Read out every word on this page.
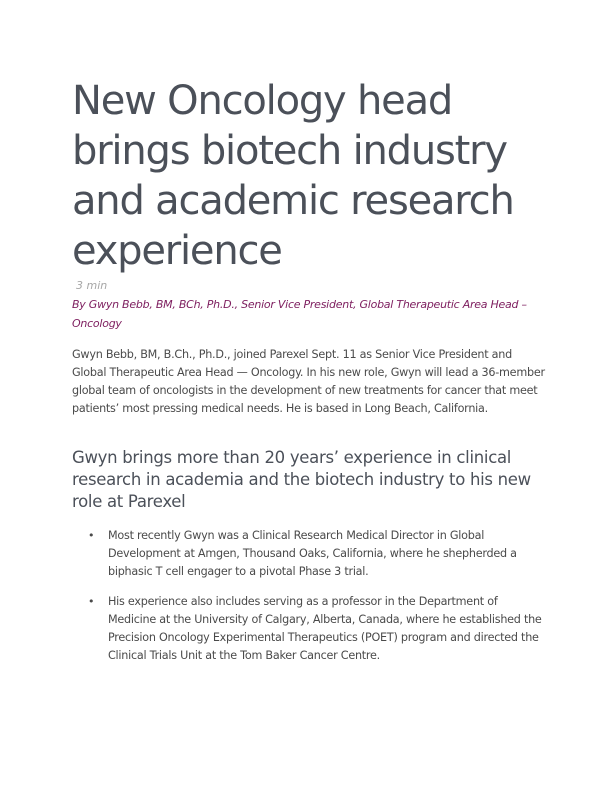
New Oncology head brings biotech industry and academic research experience
3 min

By Gwyn Bebb, BM, BCh, Ph.D., Senior Vice President, Global Therapeutic Area Head – Oncology

Gwyn Bebb, BM, B.Ch., Ph.D., joined Parexel Sept. 11 as Senior Vice President and Global Therapeutic Area Head — Oncology. In his new role, Gwyn will lead a 36-member global team of oncologists in the development of new treatments for cancer that meet patients’ most pressing medical needs. He is based in Long Beach, California.

Gwyn brings more than 20 years’ experience in clinical research in academia and the biotech industry to his new role at Parexel
• Most recently Gwyn was a Clinical Research Medical Director in Global Development at Amgen, Thousand Oaks, California, where he shepherded a biphasic T cell engager to a pivotal Phase 3 trial.
• His experience also includes serving as a professor in the Department of Medicine at the University of Calgary, Alberta, Canada, where he established the Precision Oncology Experimental Therapeutics (POET) program and directed the Clinical Trials Unit at the Tom Baker Cancer Centre.
